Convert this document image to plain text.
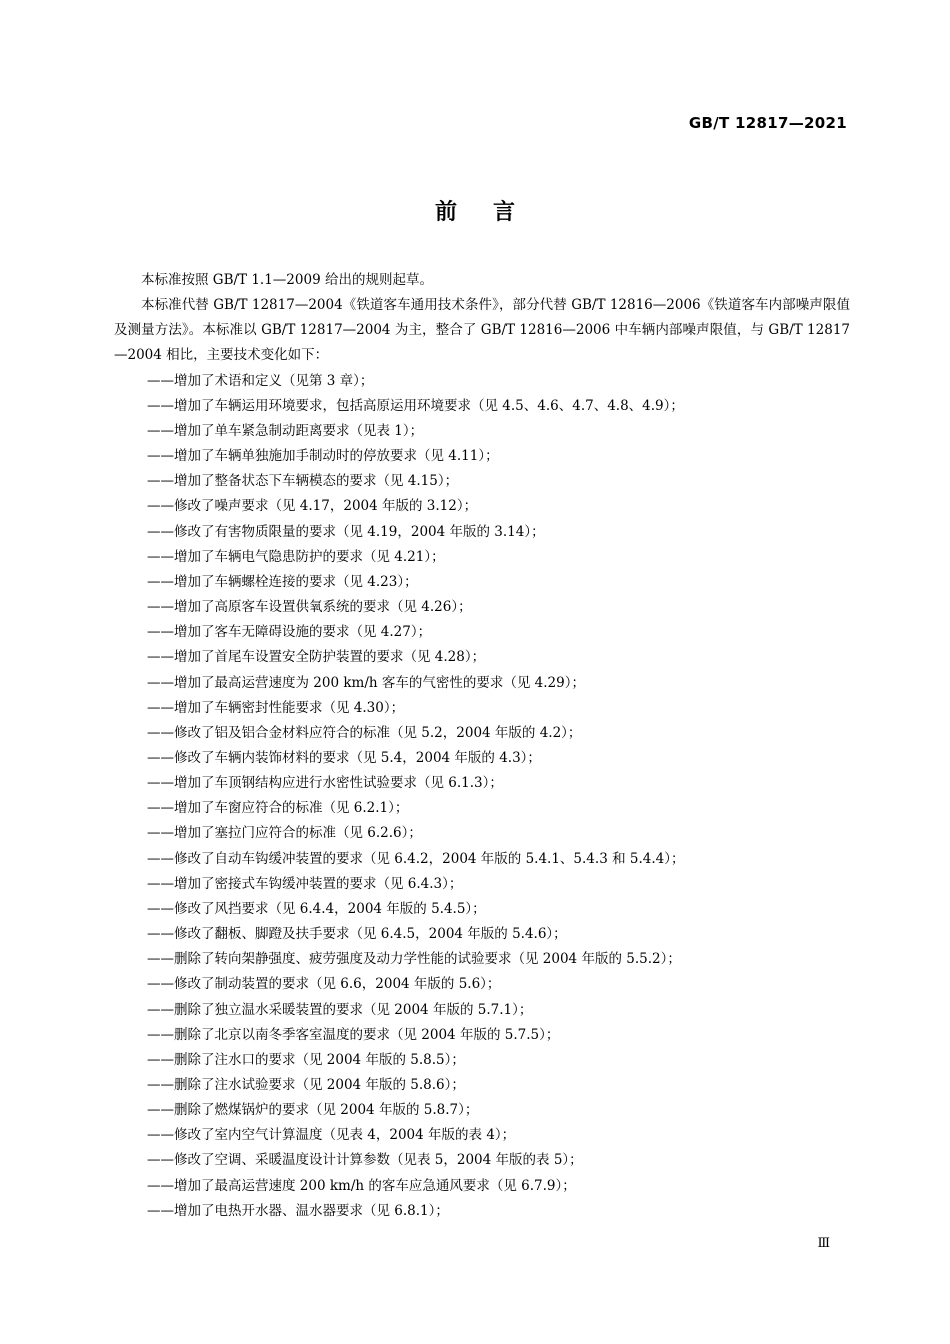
GB/T 12817—2021
前言

本标准按照 GB/T 1.1—2009 给出的规则起草。

本标准代替 GB/T 12817—2004《铁道客车通用技术条件》，部分代替 GB/T 12816—2006《铁道客车内部噪声限值及测量方法》。本标准以 GB/T 12817—2004 为主，整合了 GB/T 12816—2006 中车辆内部噪声限值，与 GB/T 12817—2004 相比，主要技术变化如下：

——增加了术语和定义（见第 3 章）；
——增加了车辆运用环境要求，包括高原运用环境要求（见 4.5、4.6、4.7、4.8、4.9）；
——增加了单车紧急制动距离要求（见表 1）；
——增加了车辆单独施加手制动时的停放要求（见 4.11）；
——增加了整备状态下车辆模态的要求（见 4.15）；
——修改了噪声要求（见 4.17，2004 年版的 3.12）；
——修改了有害物质限量的要求（见 4.19，2004 年版的 3.14）；
——增加了车辆电气隐患防护的要求（见 4.21）；
——增加了车辆螺栓连接的要求（见 4.23）；
——增加了高原客车设置供氧系统的要求（见 4.26）；
——增加了客车无障碍设施的要求（见 4.27）；
——增加了首尾车设置安全防护装置的要求（见 4.28）；
——增加了最高运营速度为 200 km/h 客车的气密性的要求（见 4.29）；
——增加了车辆密封性能要求（见 4.30）；
——修改了铝及铝合金材料应符合的标准（见 5.2，2004 年版的 4.2）；
——修改了车辆内装饰材料的要求（见 5.4，2004 年版的 4.3）；
——增加了车顶钢结构应进行水密性试验要求（见 6.1.3）；
——增加了车窗应符合的标准（见 6.2.1）；
——增加了塞拉门应符合的标准（见 6.2.6）；
——修改了自动车钩缓冲装置的要求（见 6.4.2，2004 年版的 5.4.1、5.4.3 和 5.4.4）；
——增加了密接式车钩缓冲装置的要求（见 6.4.3）；
——修改了风挡要求（见 6.4.4，2004 年版的 5.4.5）；
——修改了翻板、脚蹬及扶手要求（见 6.4.5，2004 年版的 5.4.6）；
——删除了转向架静强度、疲劳强度及动力学性能的试验要求（见 2004 年版的 5.5.2）；
——修改了制动装置的要求（见 6.6，2004 年版的 5.6）；
——删除了独立温水采暖装置的要求（见 2004 年版的 5.7.1）；
——删除了北京以南冬季客室温度的要求（见 2004 年版的 5.7.5）；
——删除了注水口的要求（见 2004 年版的 5.8.5）；
——删除了注水试验要求（见 2004 年版的 5.8.6）；
——删除了燃煤锅炉的要求（见 2004 年版的 5.8.7）；
——修改了室内空气计算温度（见表 4，2004 年版的表 4）；
——修改了空调、采暖温度设计计算参数（见表 5，2004 年版的表 5）；
——增加了最高运营速度 200 km/h 的客车应急通风要求（见 6.7.9）；
——增加了电热开水器、温水器要求（见 6.8.1）；
Ⅲ
